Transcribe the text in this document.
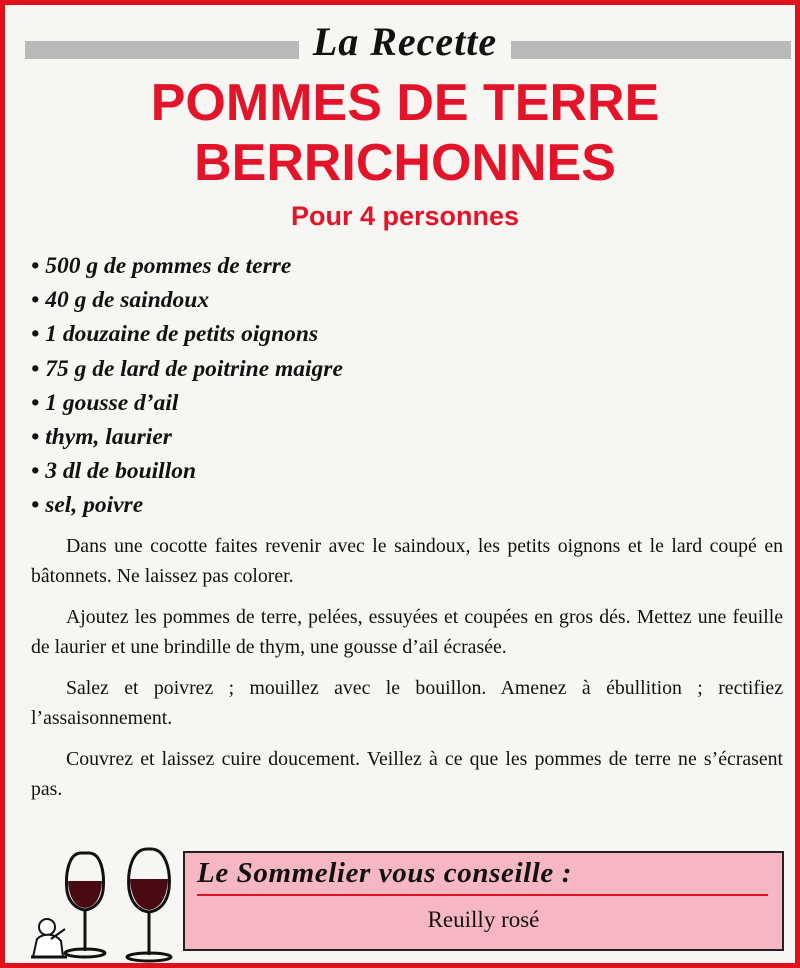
La Recette
POMMES DE TERRE
BERRICHONNES
Pour 4 personnes
• 500 g de pommes de terre
• 40 g de saindoux
• 1 douzaine de petits oignons
• 75 g de lard de poitrine maigre
• 1 gousse d’ail
• thym, laurier
• 3 dl de bouillon
• sel, poivre

Dans une cocotte faites revenir avec le saindoux, les petits oignons et le lard coupé en bâtonnets. Ne laissez pas colorer.

Ajoutez les pommes de terre, pelées, essuyées et coupées en gros dés. Mettez une feuille de laurier et une brindille de thym, une gousse d’ail écrasée.

Salez et poivrez ; mouillez avec le bouillon. Amenez à ébullition ; rectifiez l’assaisonnement.

Couvrez et laissez cuire doucement. Veillez à ce que les pommes de terre ne s’écrasent pas.

Le Sommelier vous conseille :
Reuilly rosé
